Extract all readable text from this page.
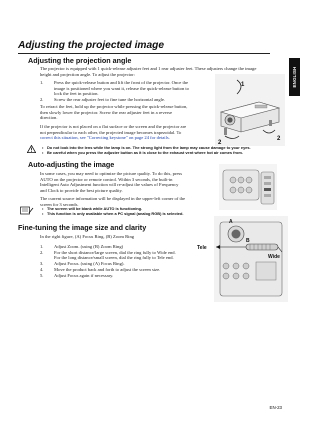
Adjusting the projected image
ENGLISH
Adjusting the projection angle
The projector is equipped with 1 quick-release adjuster feet and 1 rear adjuster feet. These adjusters change the image
height and projection angle. To adjust the projector:
1. Press the quick-release button and lift the front of the projector. Once the
image is positioned where you want it, release the quick-release button to
lock the feet in position.
2. Screw the rear adjuster feet to fine tune the horizontal angle.
To retract the feet, hold up the projector while pressing the quick-release button,
then slowly lower the projector. Screw the rear adjuster feet in a reverse
direction.
If the projector is not placed on a flat surface or the screen and the projector are
not perpendicular to each other, the projected image becomes trapezoidal. To
correct this situation, see "Correcting keystone" on page 24 for details.
1
2
2
• Do not look into the lens while the lamp is on. The strong light from the lamp may cause damage to your eyes.
• Be careful when you press the adjuster button as it is close to the exhaust vent where hot air comes from.
Auto-adjusting the image
In some cases, you may need to optimize the picture quality. To do this, press
AUTO on the projector or remote control. Within 3 seconds, the built-in
Intelligent Auto Adjustment function will re-adjust the values of Frequency
and Clock to provide the best picture quality.
The current source information will be displayed in the upper-left corner of the
screen for 3 seconds.
• The screen will be blank while AUTO is functioning.
• This function is only available when a PC signal (analog RGB) is selected.
Fine-tuning the image size and clarity
In the right figure, (A) Focus Ring, (B) Zoom Ring
1. Adjust Zoom. (using (B) Zoom Ring)
2. For the short distance/large screen, dial the ring fully to Wide end.
For the long distance/small screen, dial the ring fully to Tele end.
3. Adjust Focus. (using (A) Focus Ring).
4. Move the product back and forth to adjust the screen size.
5. Adjust Focus again if necessary.
Tele
Wide
A
B
EN-23
